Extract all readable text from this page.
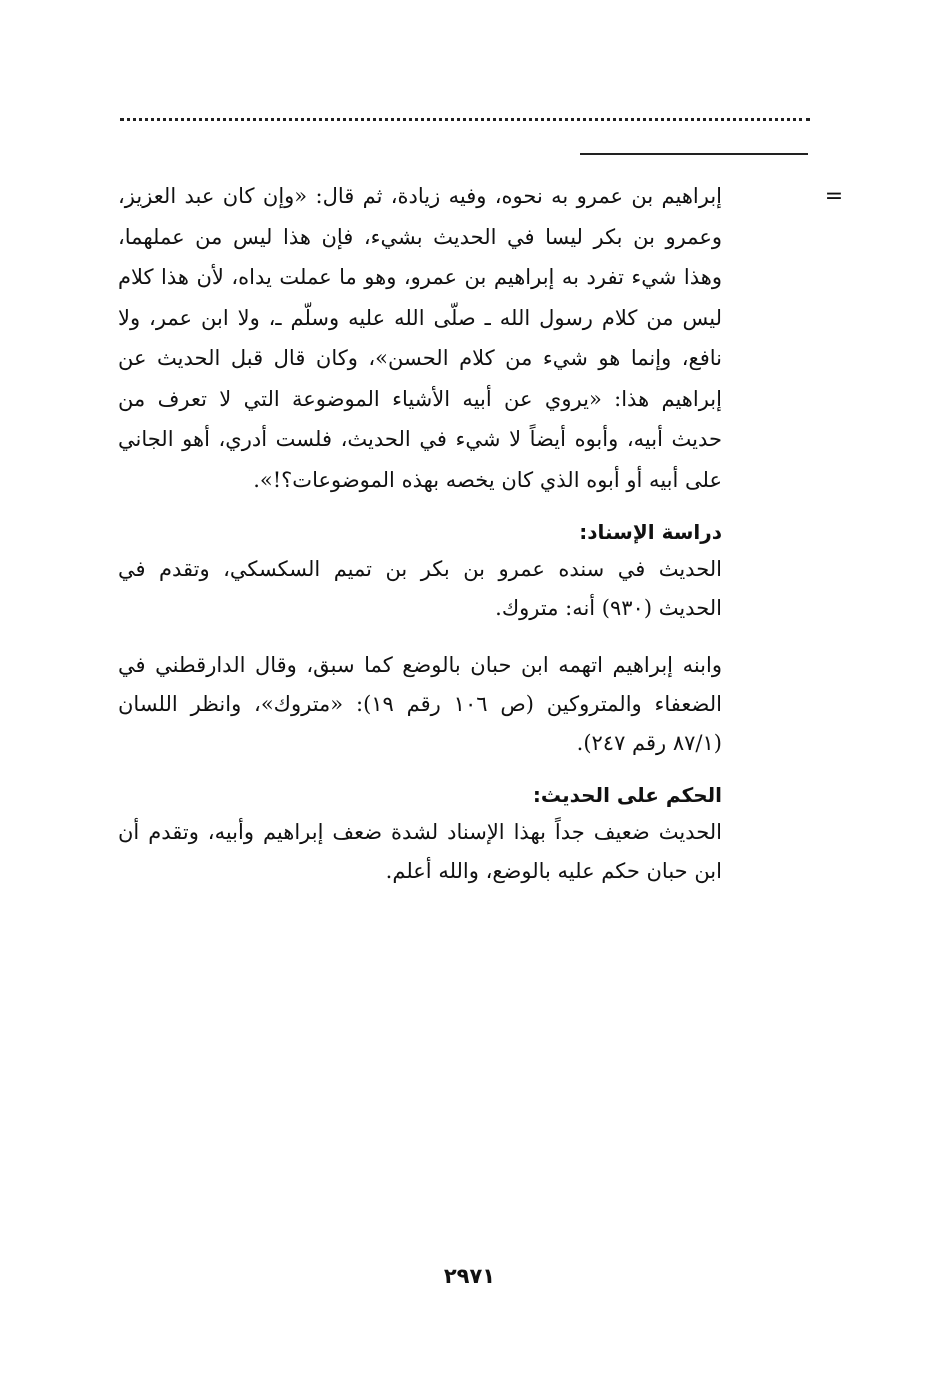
=

إبراهيم بن عمرو به نحوه، وفيه زيادة، ثم قال: «وإن كان عبد العزيز، وعمرو بن بكر ليسا في الحديث بشيء، فإن هذا ليس من عملهما، وهذا شيء تفرد به إبراهيم بن عمرو، وهو ما عملت يداه، لأن هذا كلام ليس من كلام رسول الله ـ صلّى الله عليه وسلّم ـ، ولا ابن عمر، ولا نافع، وإنما هو شيء من كلام الحسن»، وكان قال قبل الحديث عن إبراهيم هذا: «يروي عن أبيه الأشياء الموضوعة التي لا تعرف من حديث أبيه، وأبوه أيضاً لا شيء في الحديث، فلست أدري، أهو الجاني على أبيه أو أبوه الذي كان يخصه بهذه الموضوعات؟!».

دراسة الإسناد:

الحديث في سنده عمرو بن بكر بن تميم السكسكي، وتقدم في الحديث (٩٣٠) أنه: متروك.

وابنه إبراهيم اتهمه ابن حبان بالوضع كما سبق، وقال الدارقطني في الضعفاء والمتروكين (ص ١٠٦ رقم ١٩): «متروك»، وانظر اللسان (٨٧/١ رقم ٢٤٧).

الحكم على الحديث:

الحديث ضعيف جداً بهذا الإسناد لشدة ضعف إبراهيم وأبيه، وتقدم أن ابن حبان حكم عليه بالوضع، والله أعلم.

٢٩٧١
